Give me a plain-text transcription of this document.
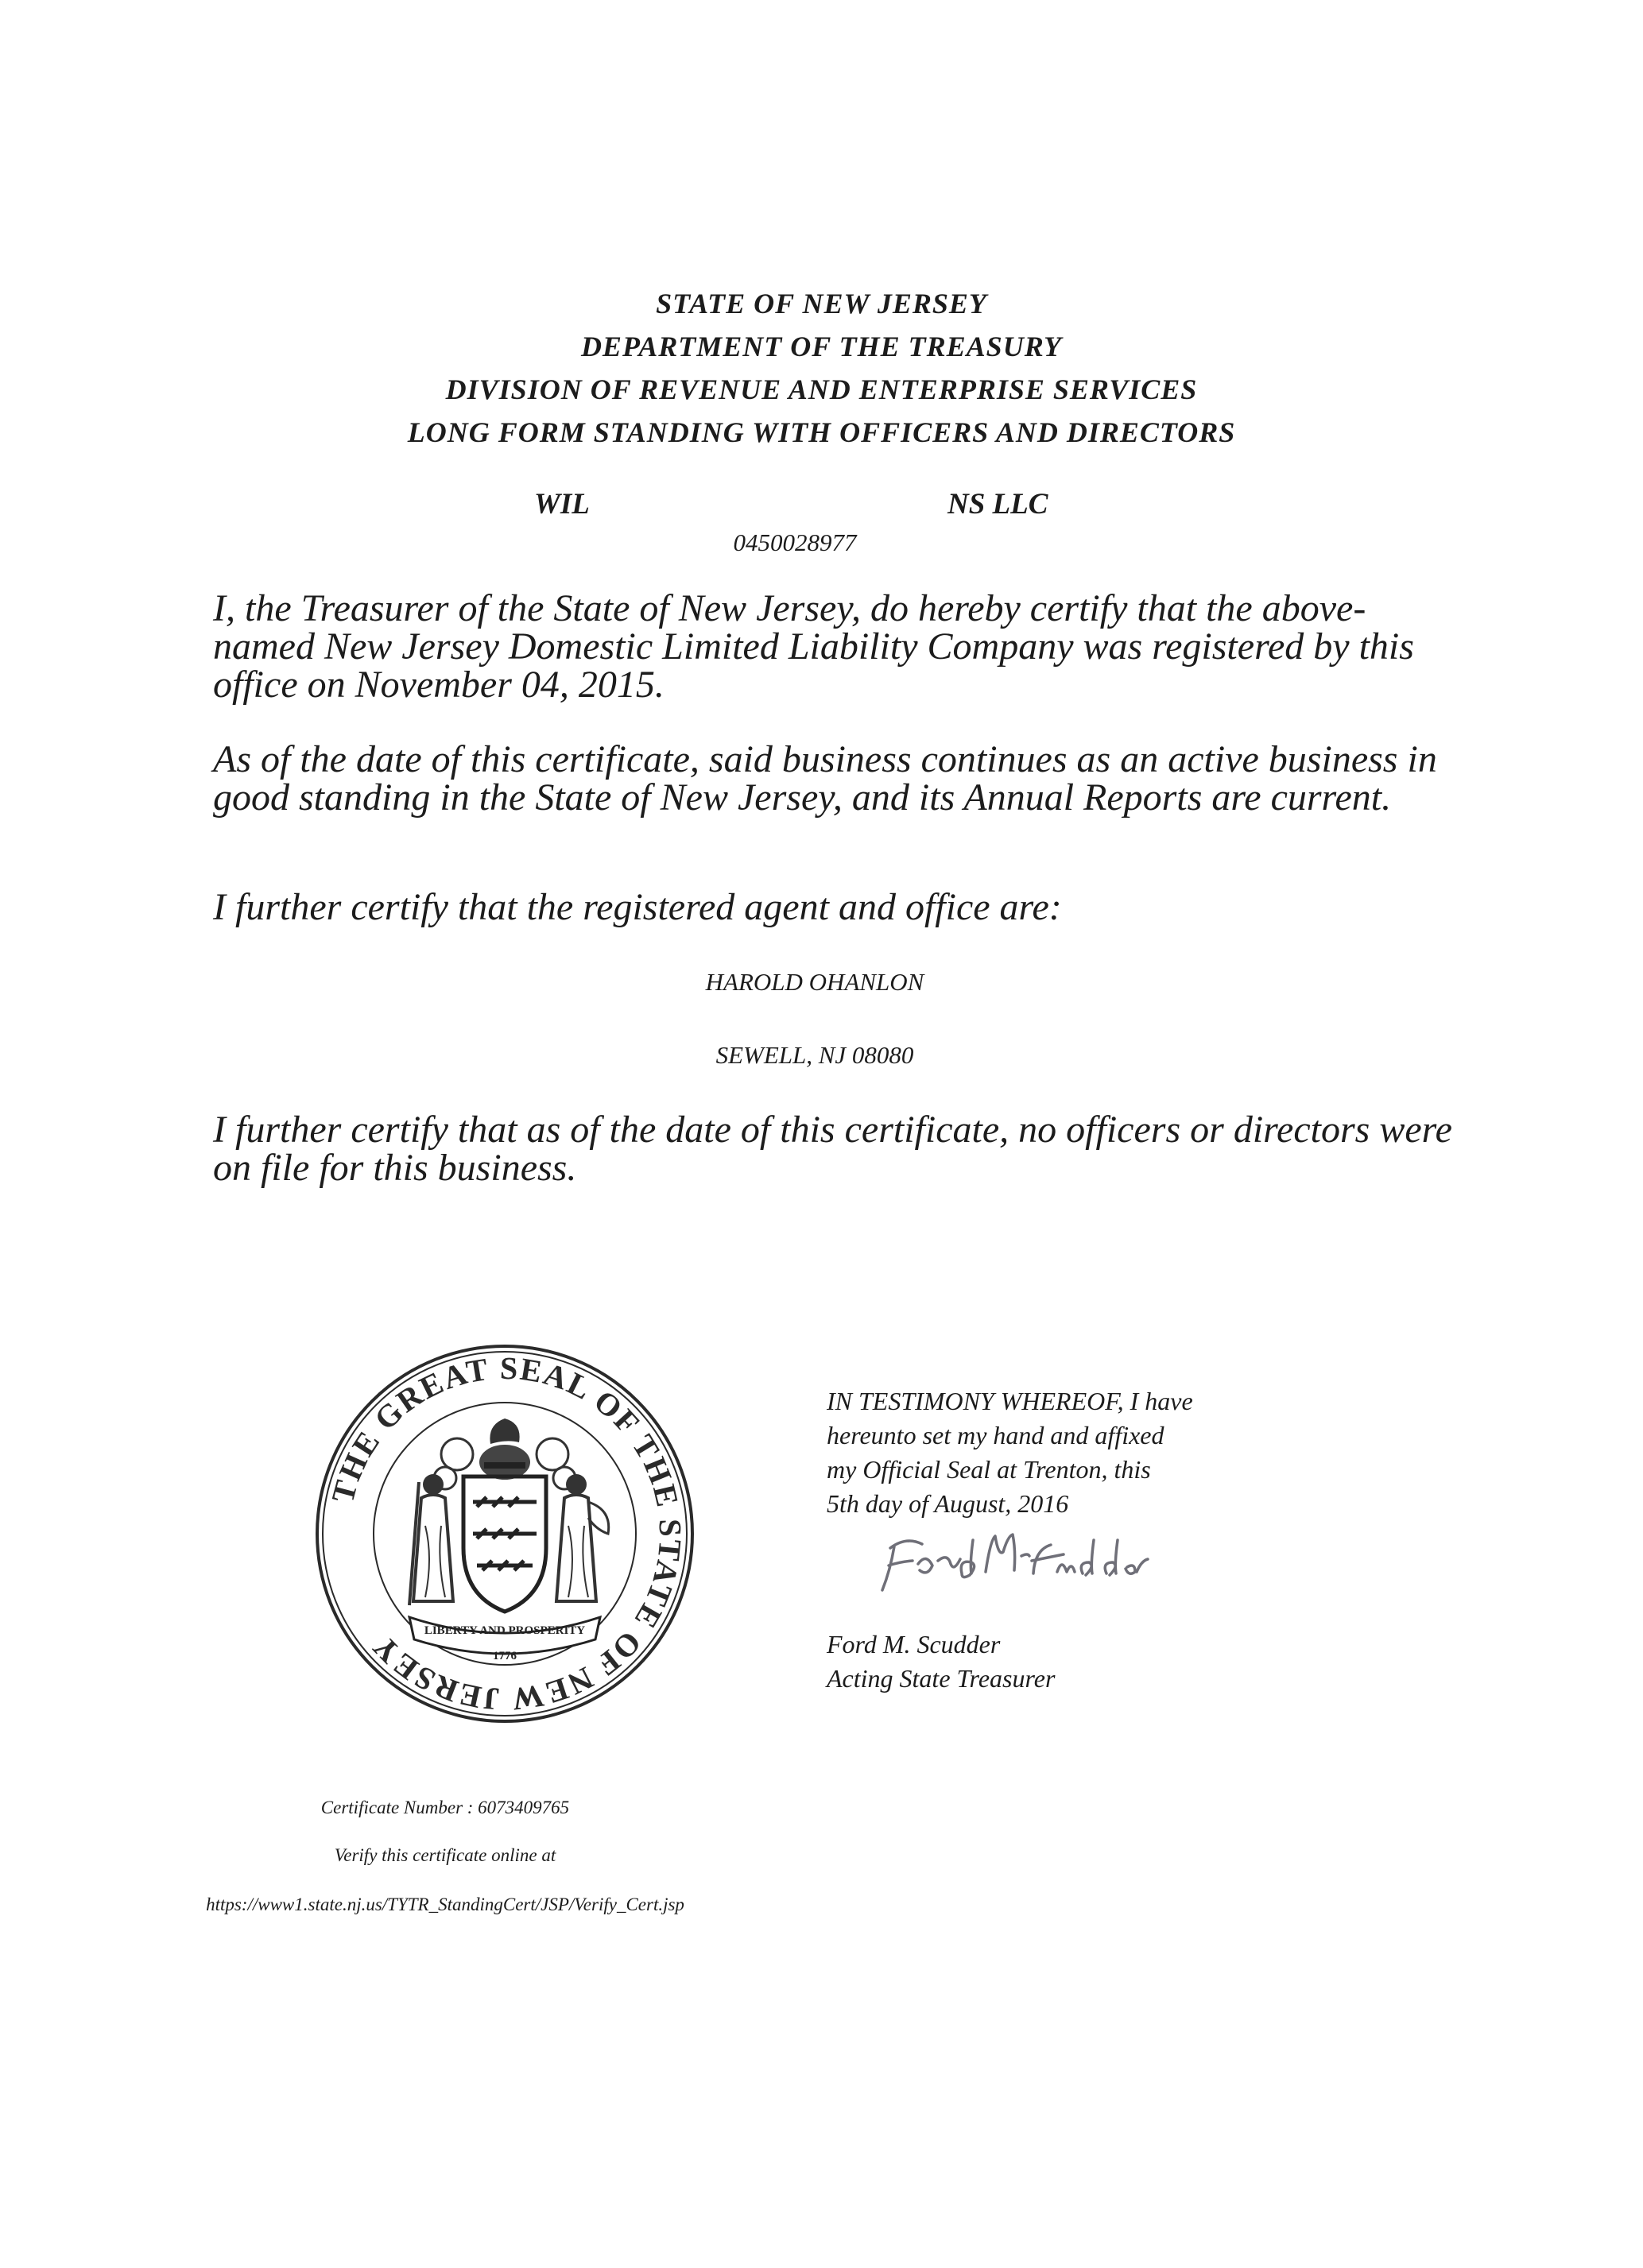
STATE OF NEW JERSEY
DEPARTMENT OF THE TREASURY
DIVISION OF REVENUE AND ENTERPRISE SERVICES
LONG FORM STANDING WITH OFFICERS AND DIRECTORS
WIL	NS LLC
0450028977
I, the Treasurer of the State of New Jersey, do hereby certify that the above-named New Jersey Domestic Limited Liability Company was registered by this office on November 04, 2015.
As of the date of this certificate, said business continues as an active business in good standing in the State of New Jersey, and its Annual Reports are current.
I further certify that the registered agent and office are:
HAROLD OHANLON
SEWELL, NJ 08080
I further certify that as of the date of this certificate, no officers or directors were on file for this business.
THE GREAT SEAL OF THE STATE OF NEW JERSEY	LIBERTY AND PROSPERITY
1776
IN TESTIMONY WHEREOF, I have
hereunto set my hand and affixed
my Official Seal at Trenton, this
5th day of August, 2016
Ford M. Scudder
Acting State Treasurer
Certificate Number : 6073409765
Verify this certificate online at
https://www1.state.nj.us/TYTR_StandingCert/JSP/Verify_Cert.jsp
